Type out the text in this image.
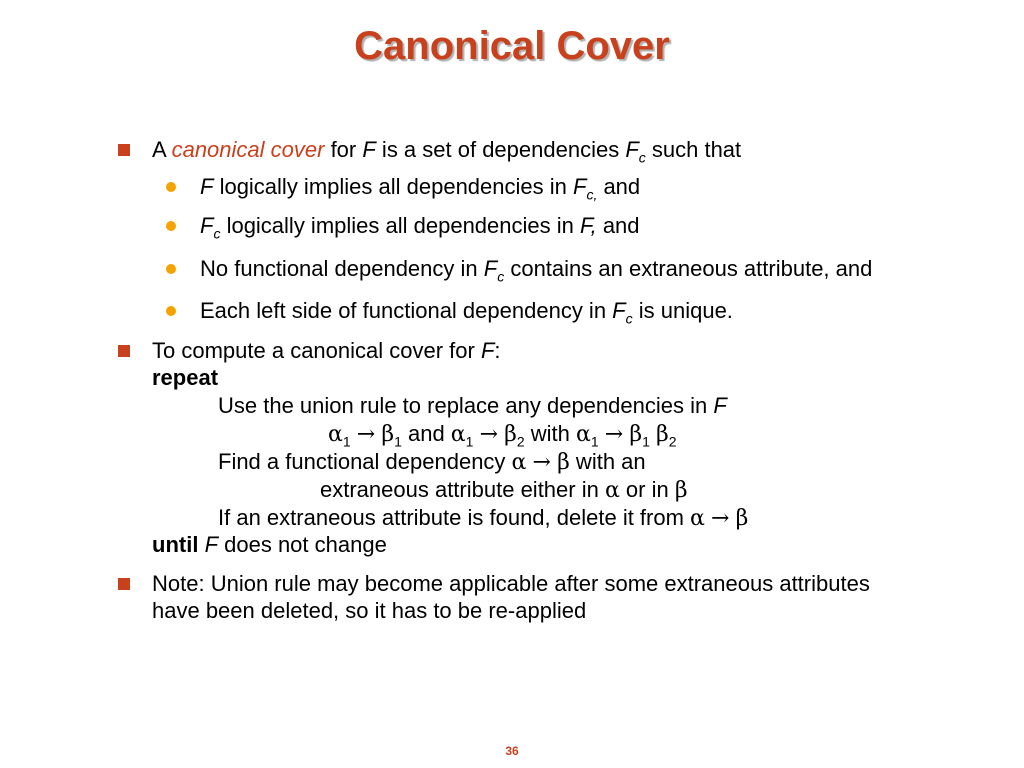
Canonical Cover
A canonical cover for F is a set of dependencies $F_c$ such that
F logically implies all dependencies in $F_{c,}$ and
$F_c$ logically implies all dependencies in F, and
No functional dependency in $F_c$ contains an extraneous attribute, and
Each left side of functional dependency in $F_c$ is unique.
To compute a canonical cover for F:
repeat
Use the union rule to replace any dependencies in F
$\alpha_1 \to \beta_1$ and $\alpha_1 \to \beta_2$ with $\alpha_1 \to \beta_1$ $\beta_2$
Find a functional dependency α → β with an
extraneous attribute either in α or in β
If an extraneous attribute is found, delete it from α → β
until F does not change
Note: Union rule may become applicable after some extraneous attributes
have been deleted, so it has to be re-applied
36
